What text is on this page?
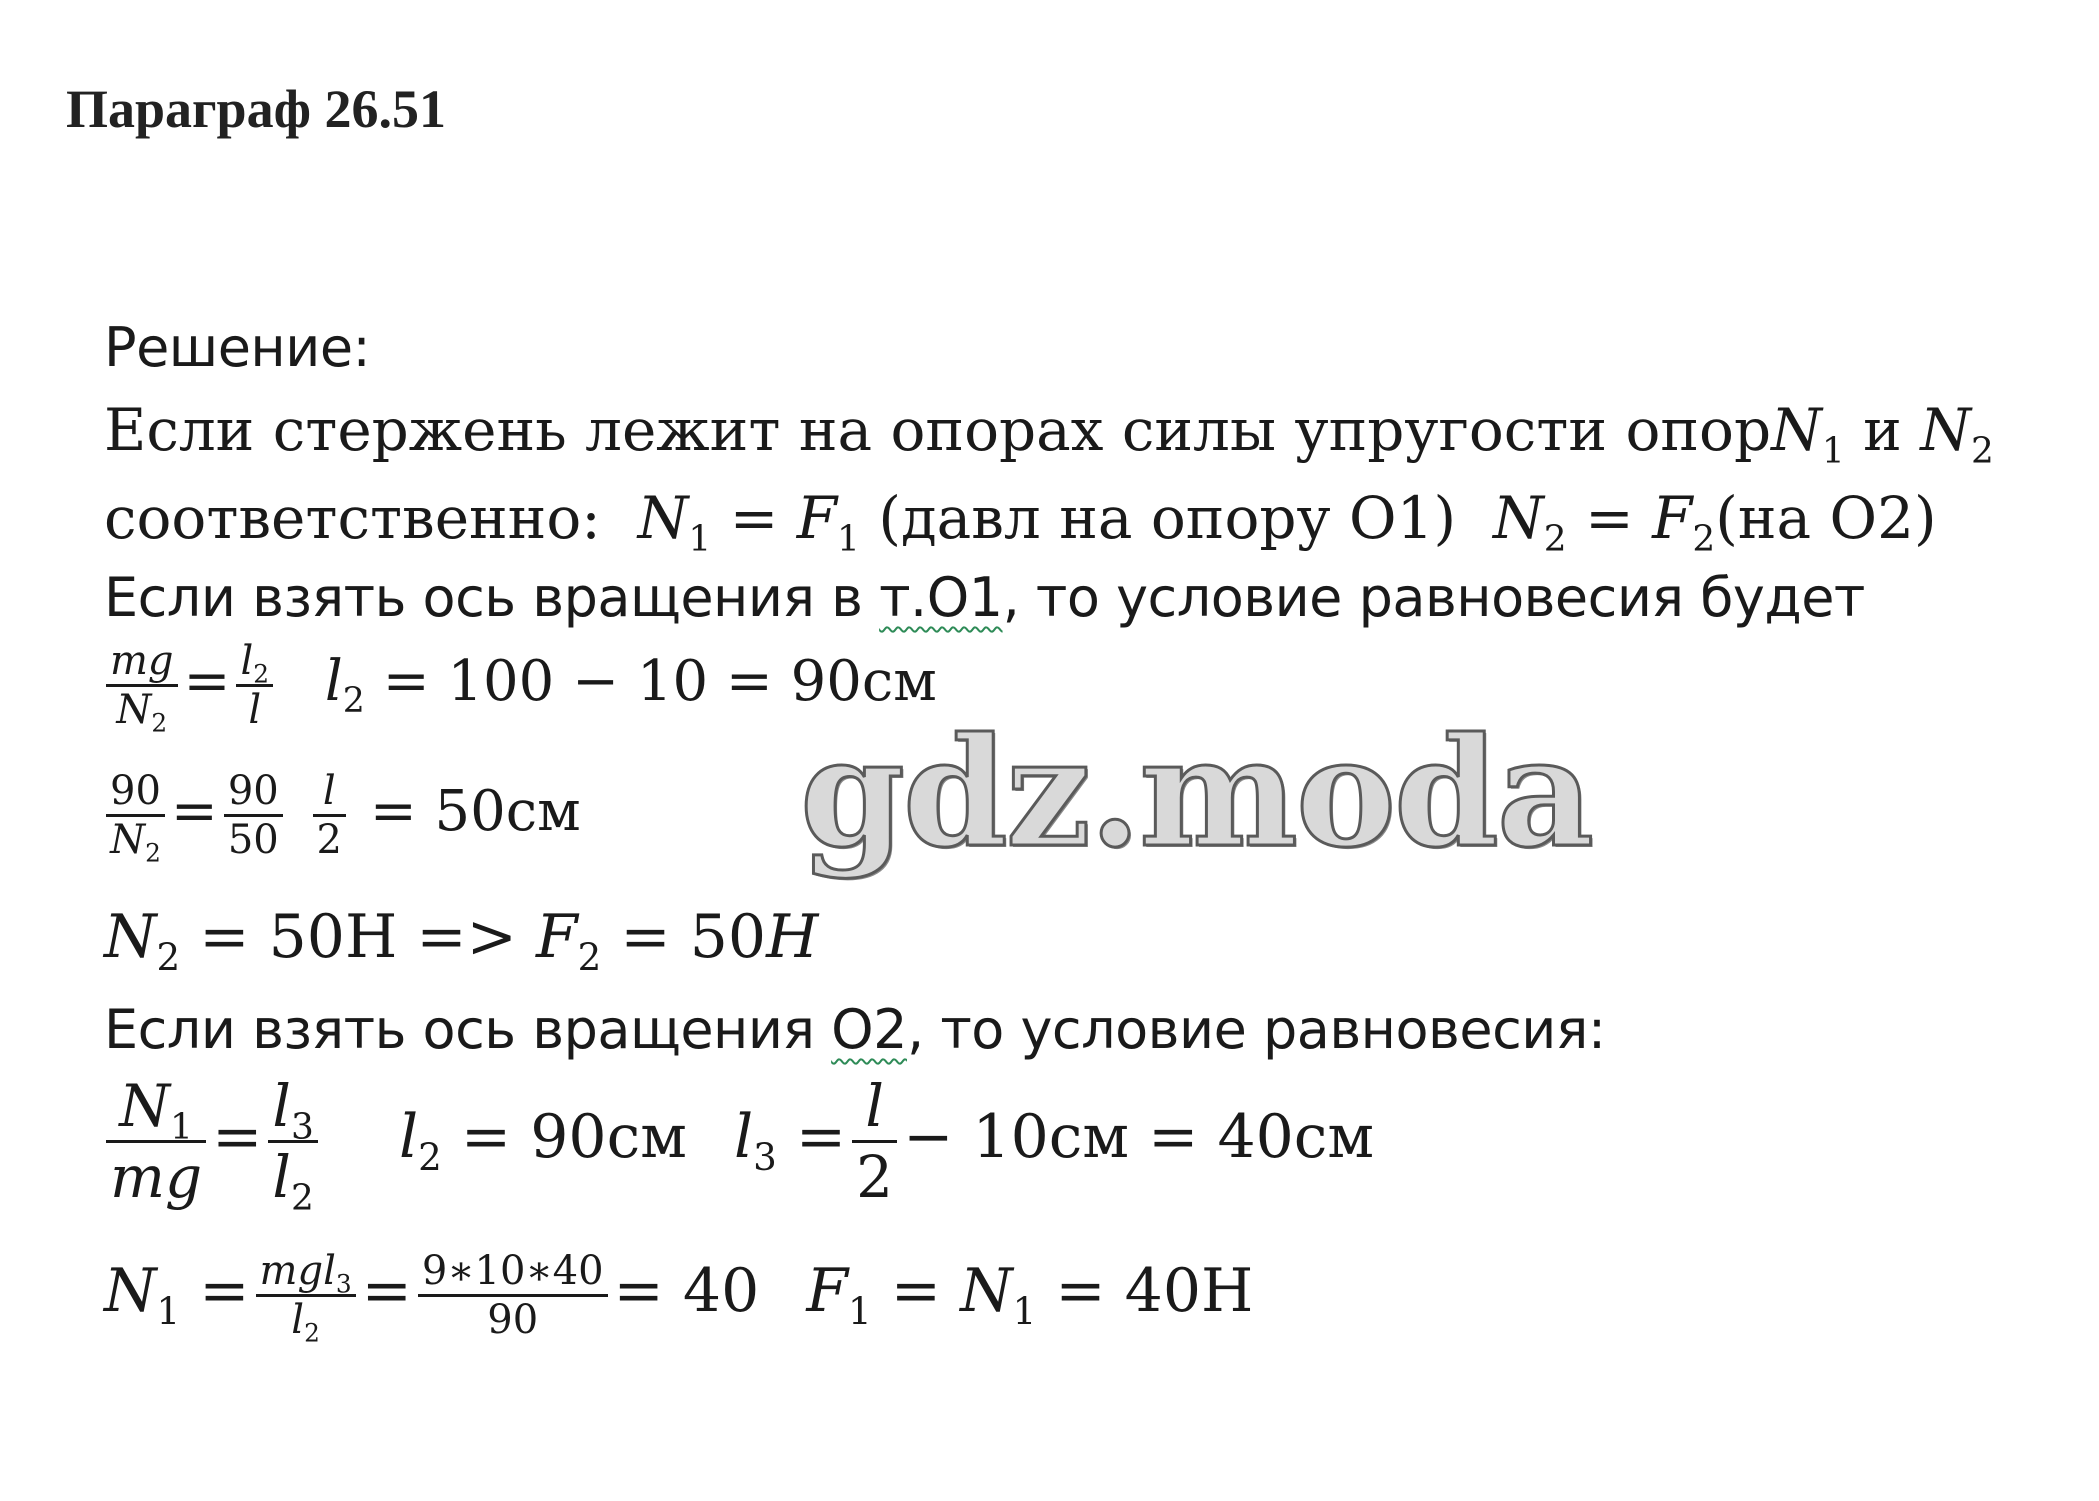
Параграф 26.51
gdz.moda
Решение:
Если стержень лежит на опорах силы упругости опорN$_1$ и $N_2$
соответственно: $N_1 = F_1$ (давл на опору О1) $N_2 = F_2(на$ О2)
Если взять ось вращения в т.О1, то условие равновесия будет
$\frac{mg}{N_2} = \frac{l_2}{l} l_2 = 100 - 10 = 90см$
$\frac{90}{N_2} = \frac{90}{50}$
$\frac{l}{2} = 50см$
$N_2 = 50Н => F_2 = 50H$
Если взять ось вращения О2, то условие равновесия:
$\frac{N_1}{mg} = \frac{l_3}{l_2} l_2 = 90см$ $l_3 = \frac{l}{2} - 10см = 40см$
$N_1 = \frac{mgl_3}{l_2} = \frac{9∗10∗40}{90} = 40$ $F_1 = N_1 = 40Н$
